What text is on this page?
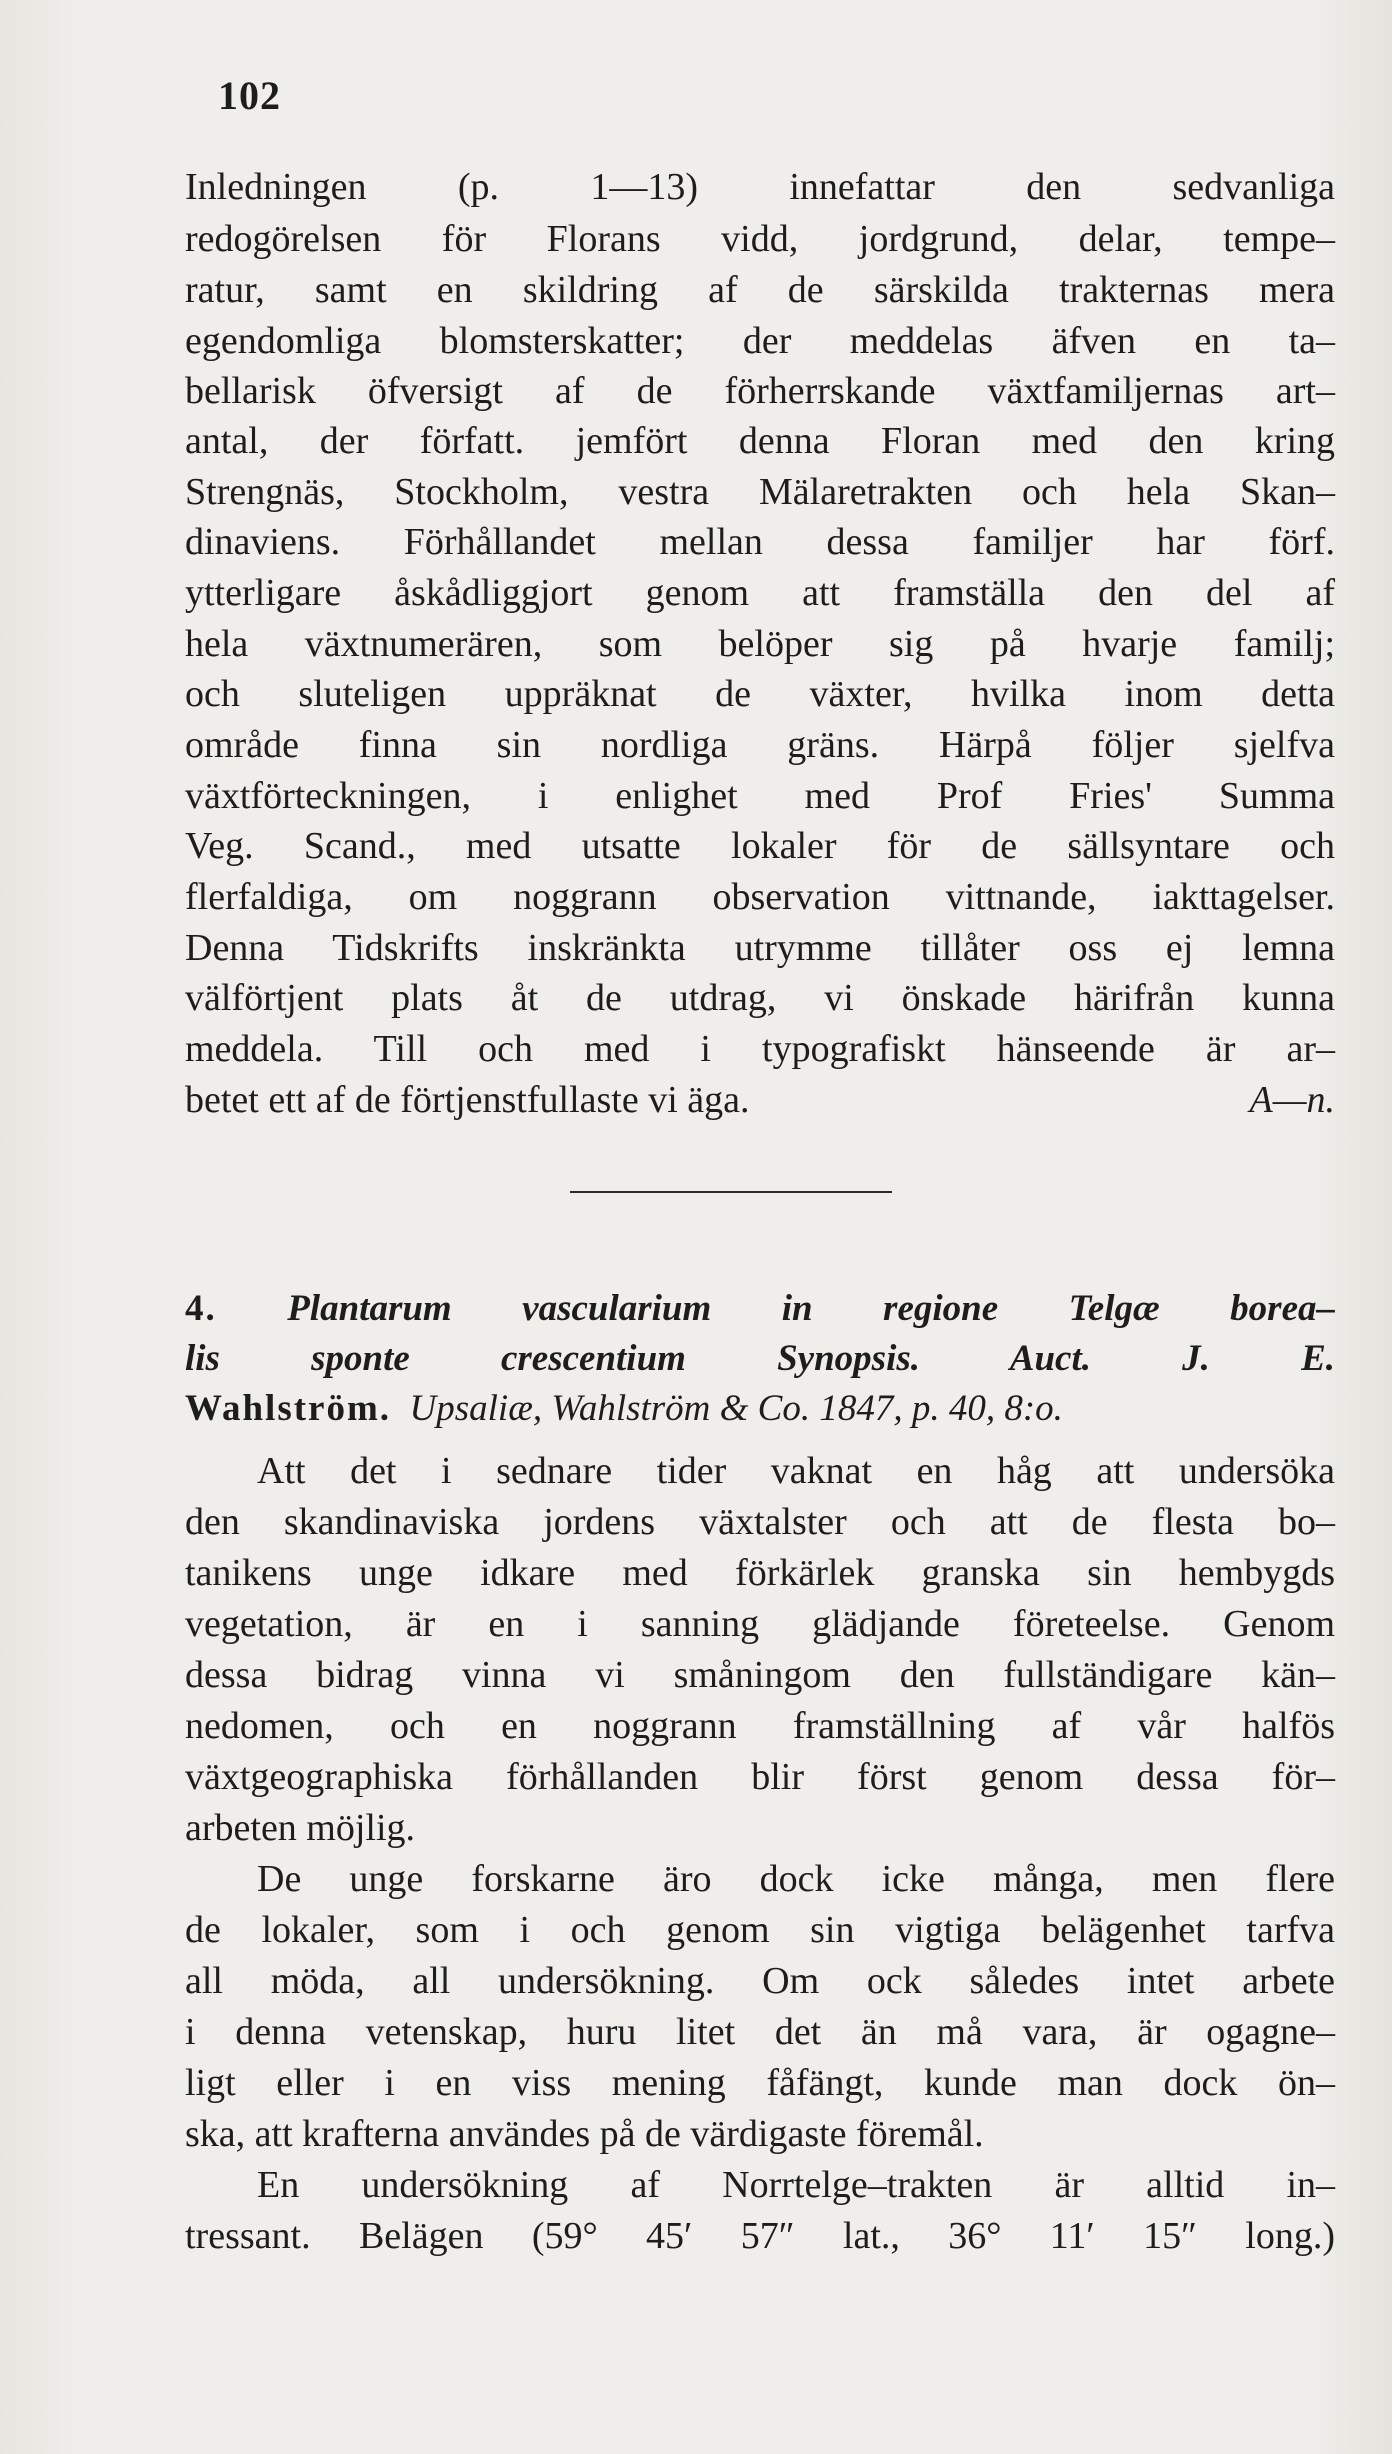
102
Inledningen (p. 1—13) innefattar den sedvanliga
redogörelsen för Florans vidd, jordgrund, delar, tempe–
ratur, samt en skildring af de särskilda trakternas mera
egendomliga blomsterskatter; der meddelas äfven en ta–
bellarisk öfversigt af de förherrskande växtfamiljernas art–
antal, der författ. jemfört denna Floran med den kring
Strengnäs, Stockholm, vestra Mälaretrakten och hela Skan–
dinaviens. Förhållandet mellan dessa familjer har förf.
ytterligare åskådliggjort genom att framställa den del af
hela växtnumerären, som belöper sig på hvarje familj;
och sluteligen uppräknat de växter, hvilka inom detta
område finna sin nordliga gräns. Härpå följer sjelfva
växtförteckningen, i enlighet med Prof Fries' Summa
Veg. Scand., med utsatte lokaler för de sällsyntare och
flerfaldiga, om noggrann observation vittnande, iakttagelser.
Denna Tidskrifts inskränkta utrymme tillåter oss ej lemna
välförtjent plats åt de utdrag, vi önskade härifrån kunna
meddela. Till och med i typografiskt hänseende är ar–
betet ett af de förtjenstfullaste vi äga.	A—n.
4. Plantarum vascularium in regione Telgæ borea–
lis sponte crescentium Synopsis. Auct. J. E.
Wahlström. Upsaliæ, Wahlström & Co. 1847, p. 40, 8:o.
Att det i sednare tider vaknat en håg att undersöka
den skandinaviska jordens växtalster och att de flesta bo–
tanikens unge idkare med förkärlek granska sin hembygds
vegetation, är en i sanning glädjande företeelse. Genom
dessa bidrag vinna vi småningom den fullständigare kän–
nedomen, och en noggrann framställning af vår halfös
växtgeographiska förhållanden blir först genom dessa för–
arbeten möjlig.
De unge forskarne äro dock icke många, men flere
de lokaler, som i och genom sin vigtiga belägenhet tarfva
all möda, all undersökning. Om ock således intet arbete
i denna vetenskap, huru litet det än må vara, är ogagne–
ligt eller i en viss mening fåfängt, kunde man dock ön–
ska, att krafterna användes på de värdigaste föremål.
En undersökning af Norrtelge–trakten är alltid in–
tressant. Belägen (59° 45′ 57″ lat., 36° 11′ 15″ long.)
